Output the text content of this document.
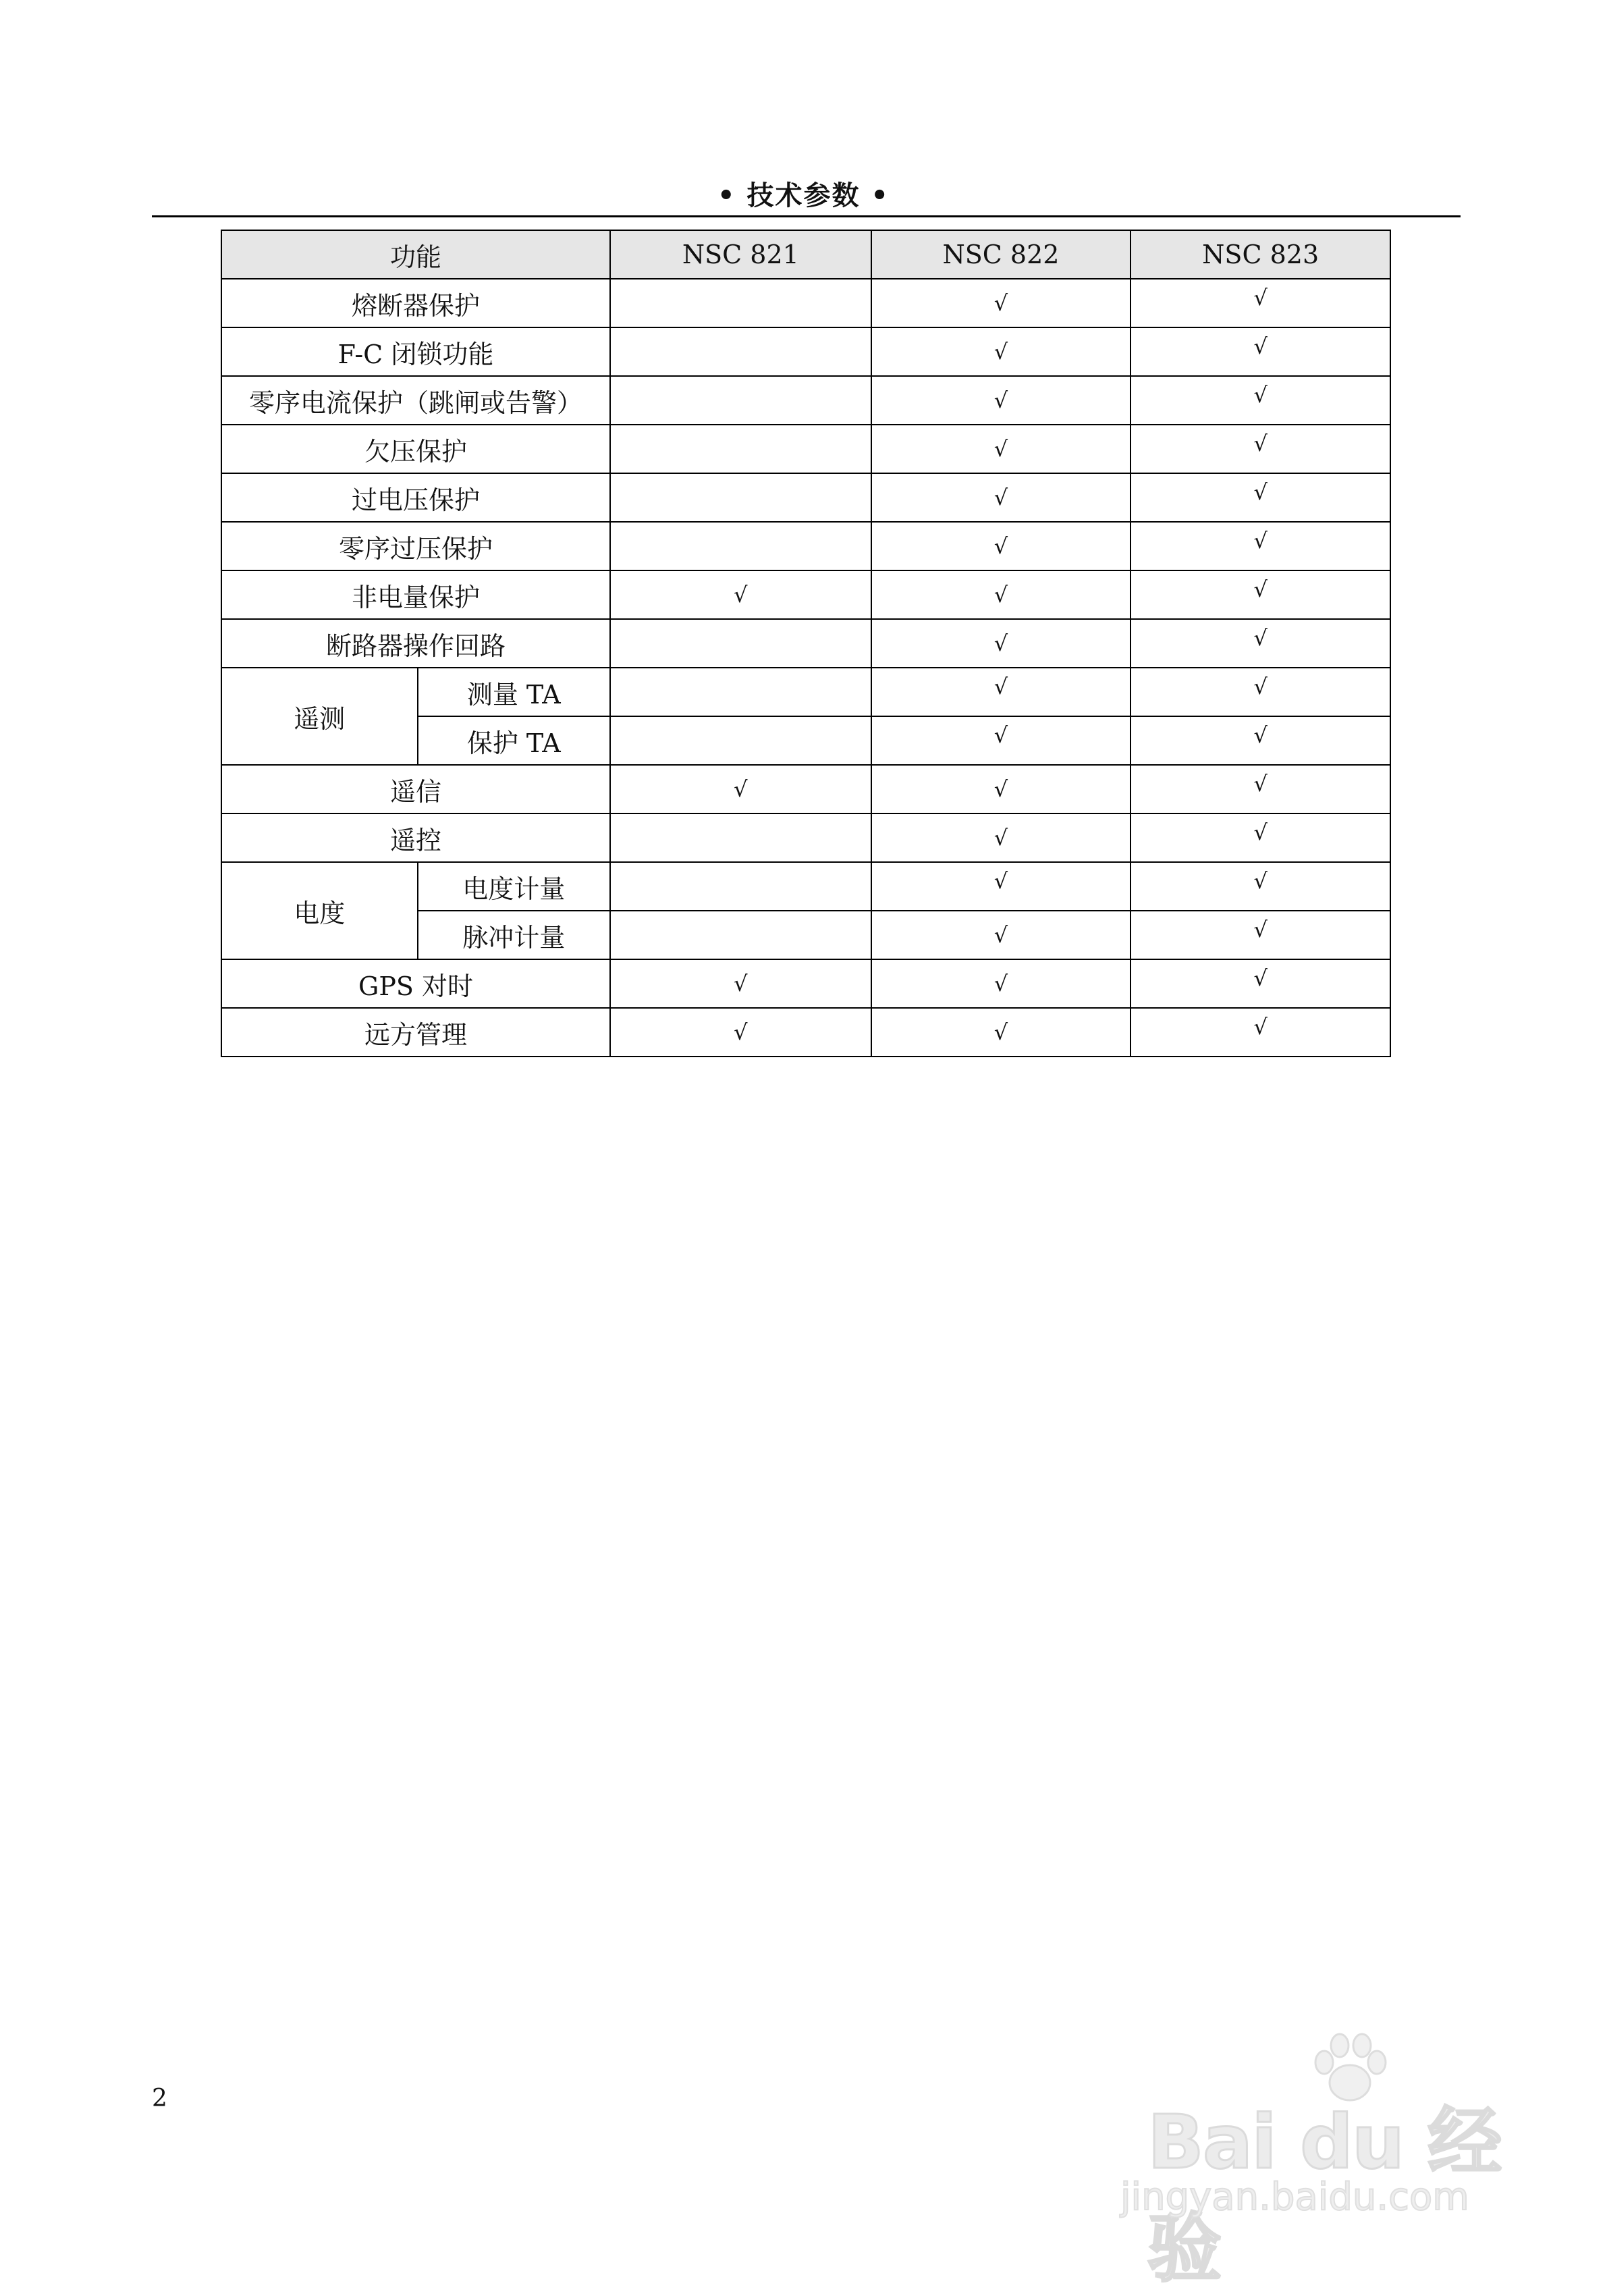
• 技术参数 •
功能		NSC 821	NSC 822	NSC 823
熔断器保护			√	√
F-C 闭锁功能			√	√
零序电流保护（跳闸或告警）			√	√
欠压保护			√	√
过电压保护			√	√
零序过压保护			√	√
非电量保护		√	√	√
断路器操作回路			√	√
遥测	测量 TA		√	√
	保护 TA		√	√
遥信		√	√	√
遥控			√	√
电度	电度计量		√	√
	脉冲计量		√	√
GPS 对时		√	√	√
远方管理		√	√	√
2
Bai du 经验
jingyan.baidu.com
